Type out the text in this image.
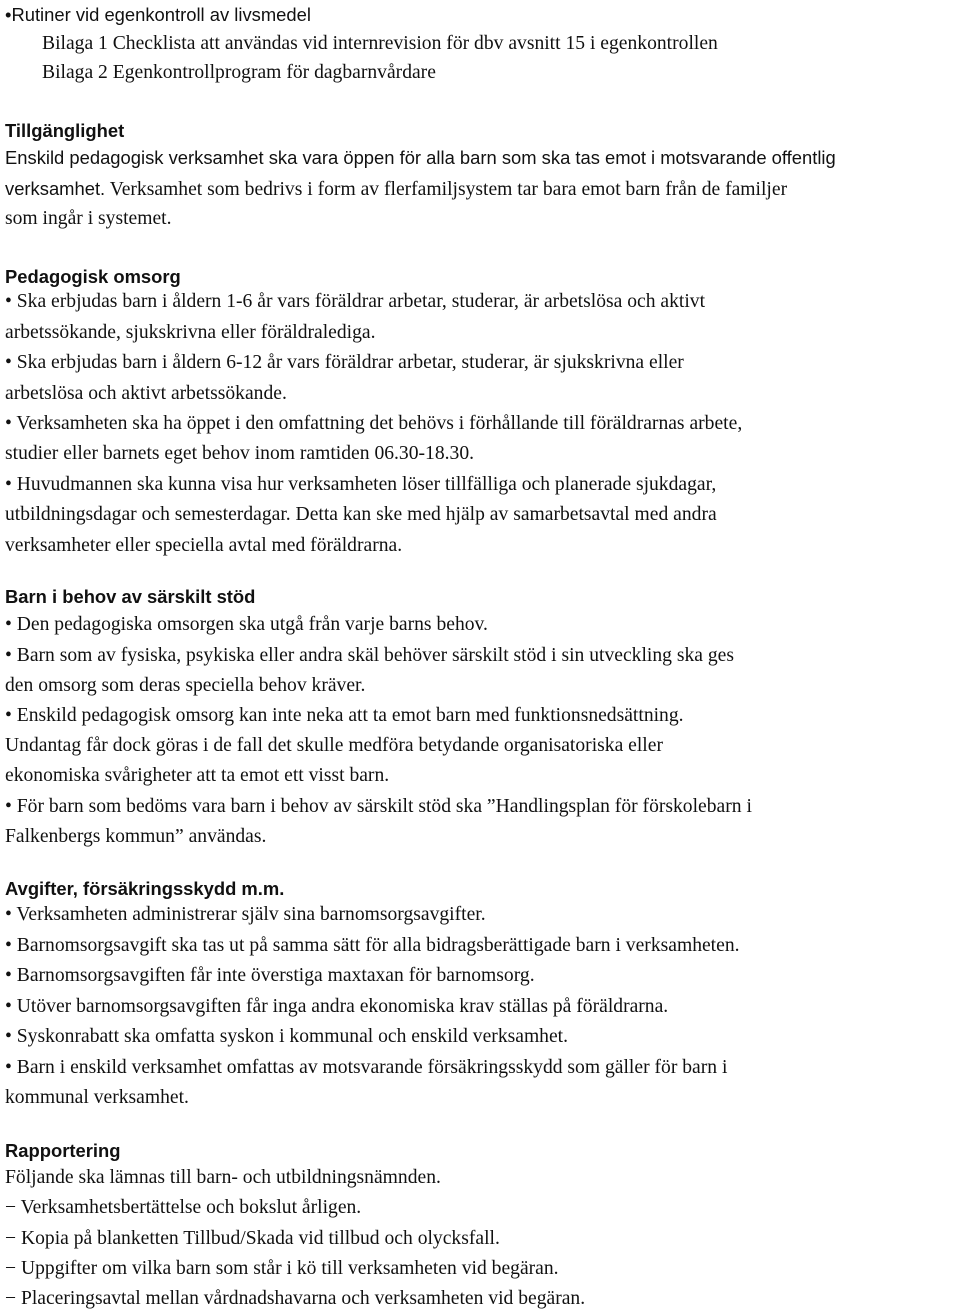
•Rutiner vid egenkontroll av livsmedel
Bilaga 1 Checklista att användas vid internrevision för dbv avsnitt 15 i egenkontrollen
Bilaga 2 Egenkontrollprogram för dagbarnvårdare
Tillgänglighet
Enskild pedagogisk verksamhet ska vara öppen för alla barn som ska tas emot i motsvarande offentlig
verksamhet. Verksamhet som bedrivs i form av flerfamiljsystem tar bara emot barn från de familjer
som ingår i systemet.
Pedagogisk omsorg
• Ska erbjudas barn i åldern 1-6 år vars föräldrar arbetar, studerar, är arbetslösa och aktivt
arbetssökande, sjukskrivna eller föräldralediga.
• Ska erbjudas barn i åldern 6-12 år vars föräldrar arbetar, studerar, är sjukskrivna eller
arbetslösa och aktivt arbetssökande.
• Verksamheten ska ha öppet i den omfattning det behövs i förhållande till föräldrarnas arbete,
studier eller barnets eget behov inom ramtiden 06.30-18.30.
• Huvudmannen ska kunna visa hur verksamheten löser tillfälliga och planerade sjukdagar,
utbildningsdagar och semesterdagar. Detta kan ske med hjälp av samarbetsavtal med andra
verksamheter eller speciella avtal med föräldrarna.
Barn i behov av särskilt stöd
• Den pedagogiska omsorgen ska utgå från varje barns behov.
• Barn som av fysiska, psykiska eller andra skäl behöver särskilt stöd i sin utveckling ska ges
den omsorg som deras speciella behov kräver.
• Enskild pedagogisk omsorg kan inte neka att ta emot barn med funktionsnedsättning.
Undantag får dock göras i de fall det skulle medföra betydande organisatoriska eller
ekonomiska svårigheter att ta emot ett visst barn.
• För barn som bedöms vara barn i behov av särskilt stöd ska ”Handlingsplan för förskolebarn i
Falkenbergs kommun” användas.
Avgifter, försäkringsskydd m.m.
• Verksamheten administrerar själv sina barnomsorgsavgifter.
• Barnomsorgsavgift ska tas ut på samma sätt för alla bidragsberättigade barn i verksamheten.
• Barnomsorgsavgiften får inte överstiga maxtaxan för barnomsorg.
• Utöver barnomsorgsavgiften får inga andra ekonomiska krav ställas på föräldrarna.
• Syskonrabatt ska omfatta syskon i kommunal och enskild verksamhet.
• Barn i enskild verksamhet omfattas av motsvarande försäkringsskydd som gäller för barn i
kommunal verksamhet.
Rapportering
Följande ska lämnas till barn- och utbildningsnämnden.
− Verksamhetsbertättelse och bokslut årligen.
− Kopia på blanketten Tillbud/Skada vid tillbud och olycksfall.
− Uppgifter om vilka barn som står i kö till verksamheten vid begäran.
− Placeringsavtal mellan vårdnadshavarna och verksamheten vid begäran.
